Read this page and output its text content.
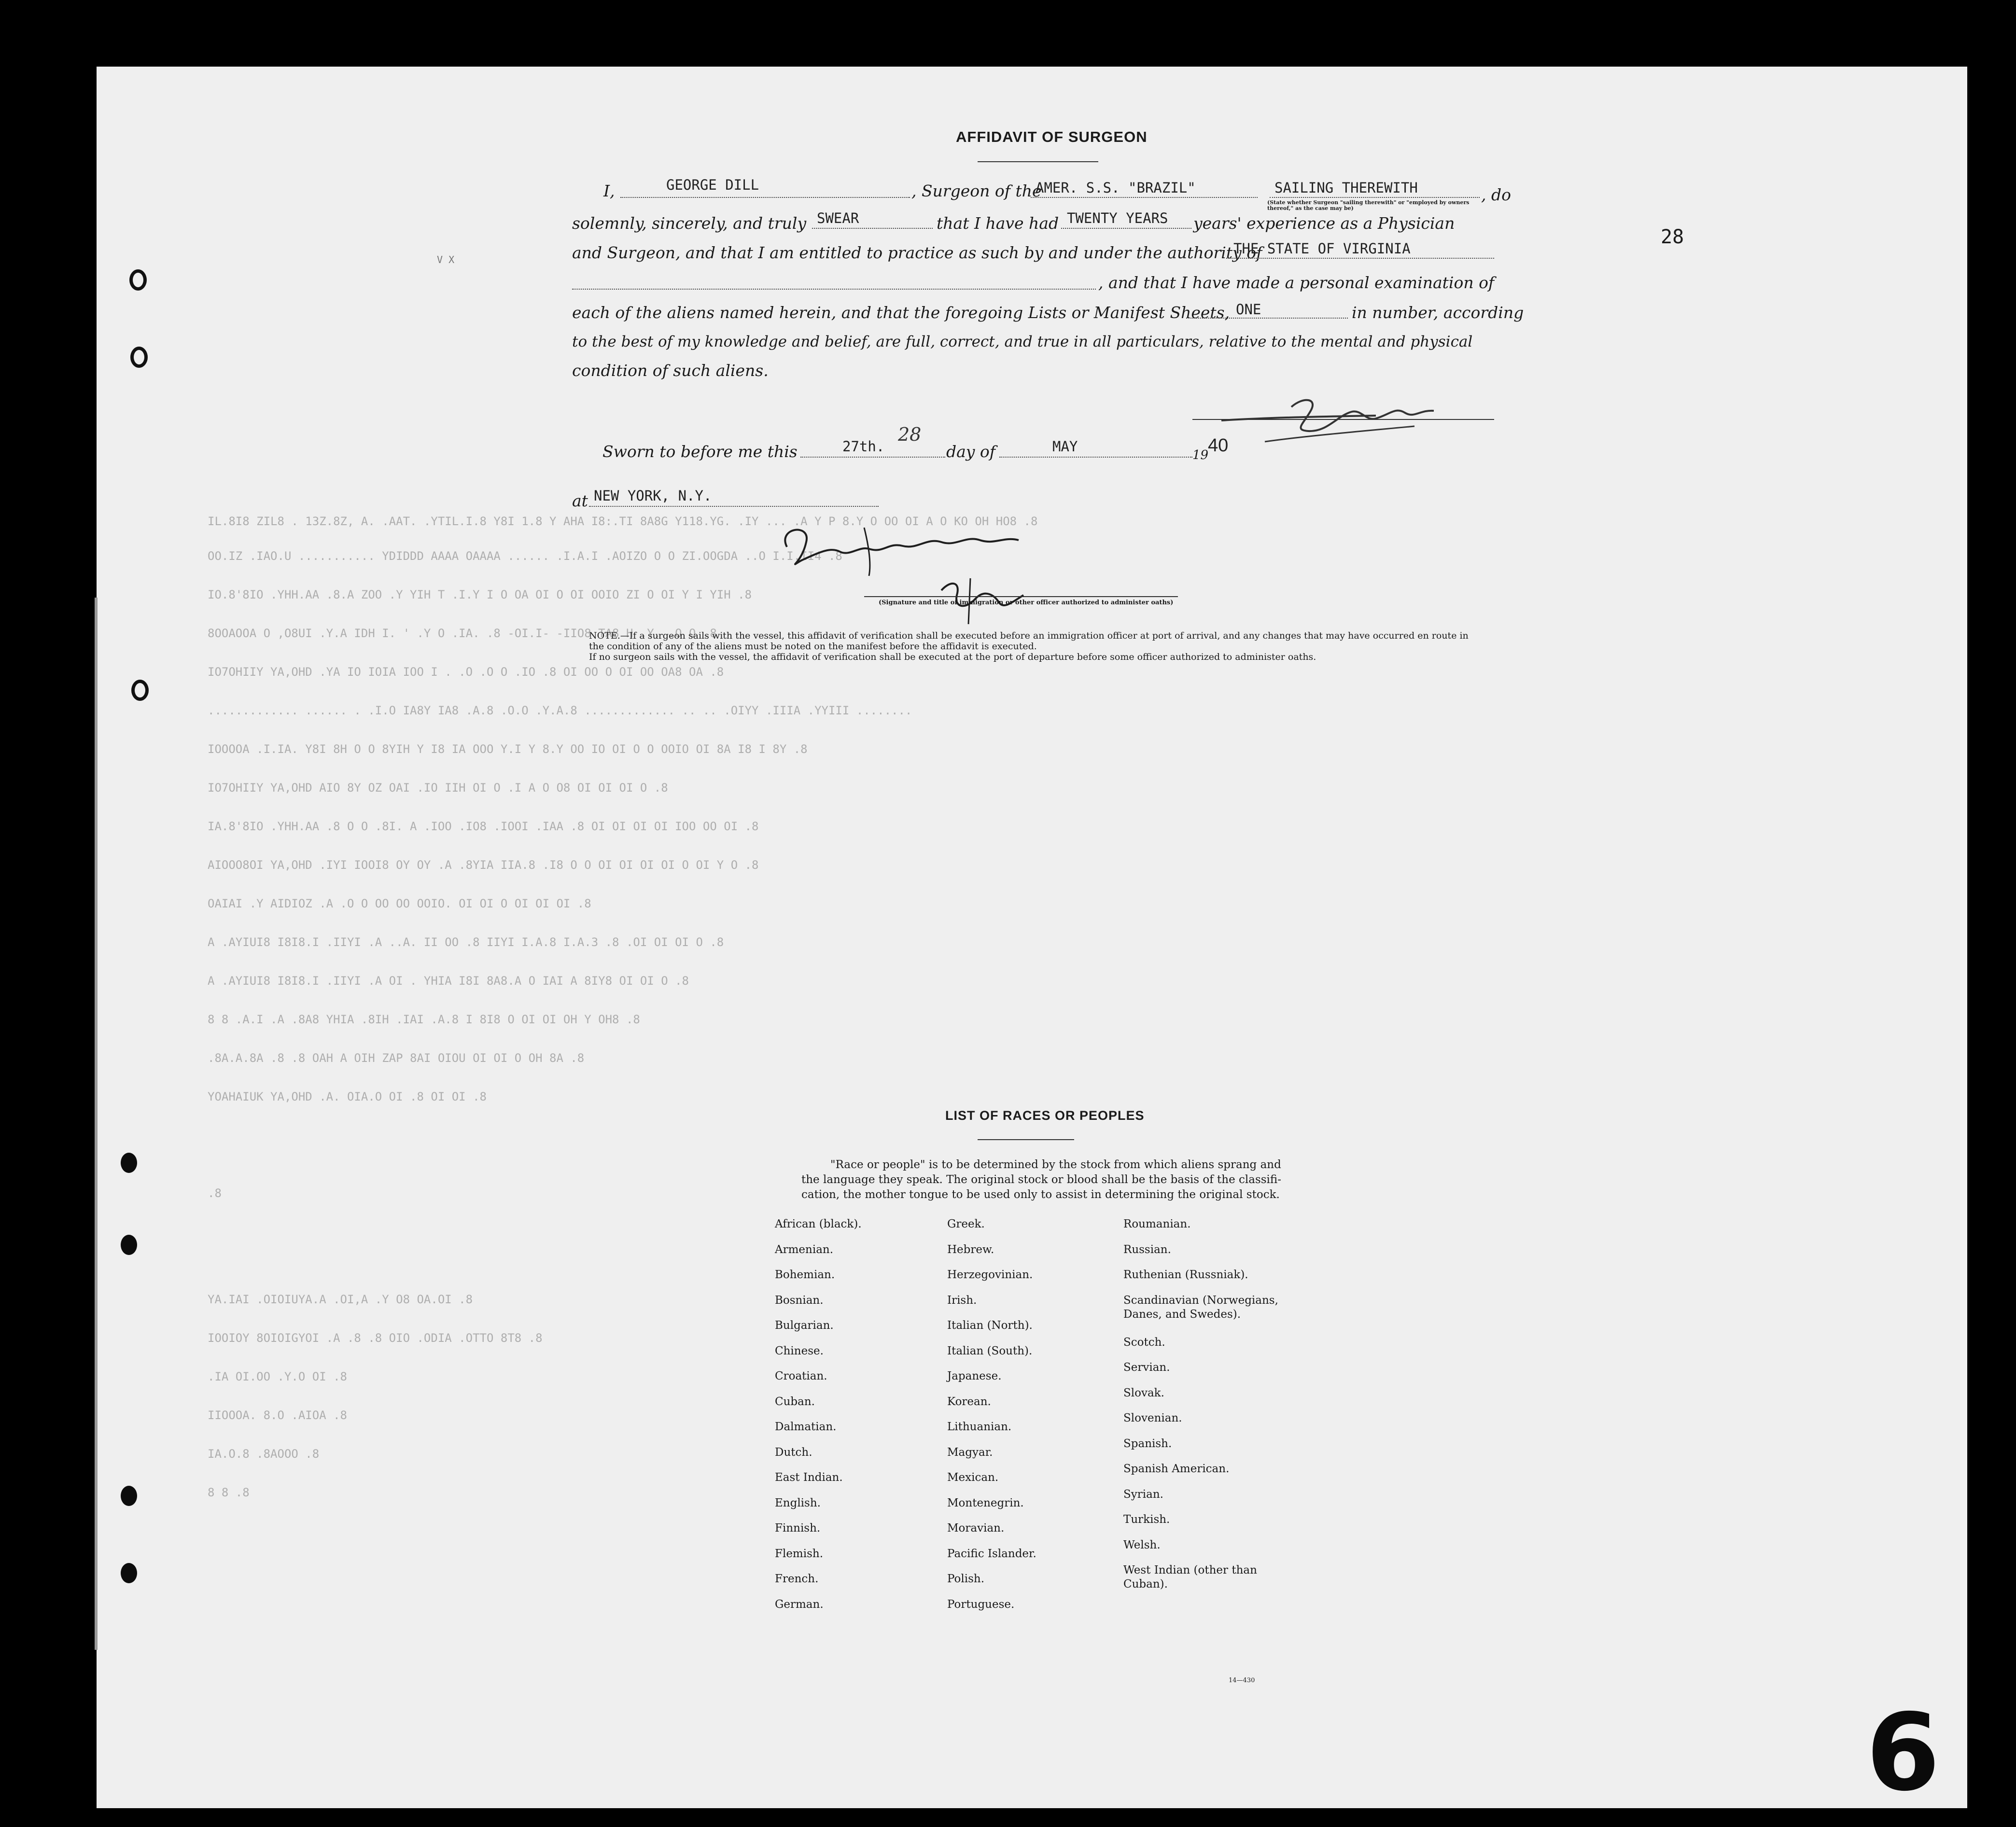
IL.8I8 ZIL8 . 13Z.8Z, A. .AAT. .YTIL.I.8 Y8I 1.8 Y AHA I8:.TI 8A8G Y118.YG. .IY ... .A Y P 8.Y O OO OI A O KO OH HO8 .8
OO.IZ .IAO.U ........... YDIDDD AAAA OAAAA ...... .I.A.I .AOIZO O O ZI.OOGDA ..O I.I.II4 .8
IO.8'8IO .YHH.AA .8.A ZOO .Y YIH T .I.Y I O OA OI O OI OOIO ZI O OI Y I YIH .8
8OOAOOA O ,O8UI .Y.A IDH I. ' .Y O .IA. .8 -OI.I- -IIO8 TA8 H .Y. .O O .8
IO7OHIIY YA,OHD .YA IO IOIA IOO I . .O .O O .IO .8 OI OO O OI OO OA8 OA .8
............. ...... . .I.O IA8Y IA8 .A.8 .O.O .Y.A.8 ............. .. .. .OIYY .IIIA .YYIII ........
IOOOOA .I.IA. Y8I 8H O O 8YIH Y I8 IA OOO Y.I Y 8.Y OO IO OI O O OOIO OI 8A I8 I 8Y .8
IO7OHIIY YA,OHD AIO 8Y OZ OAI .IO IIH OI O .I A O O8 OI OI OI O .8
IA.8'8IO .YHH.AA .8 O O .8I. A .IOO .IO8 .IOOI .IAA .8 OI OI OI OI IOO OO OI .8
AIOOO8OI YA,OHD .IYI IOOI8 OY OY .A .8YIA IIA.8 .I8 O O OI OI OI OI O OI Y O .8
OAIAI .Y AIDIOZ .A .O O OO OO OOIO. OI OI O OI OI OI .8
A .AYIUI8 I8I8.I .IIYI .A ..A. II OO .8 IIYI I.A.8 I.A.3 .8 .OI OI OI O .8
A .AYIUI8 I8I8.I .IIYI .A OI . YHIA I8I 8A8.A O IAI A 8IY8 OI OI O .8
8 8 .A.I .A .8A8 YHIA .8IH .IAI .A.8 I 8I8 O OI OI OH Y OH8 .8
.8A.A.8A .8 .8 OAH A OIH ZAP 8AI OIOU OI OI O OH 8A .8
YOAHAIUK YA,OHD .A. OIA.O OI .8 OI OI .8
.8
YA.IAI .OIOIUYA.A .OI,A .Y O8 OA.OI .8
IOOIOY 8OIOIGYOI .A .8 .8 OIO .ODIA .OTTO 8T8 .8
.IA OI.OO .Y.O OI .8
IIOOOA. 8.O .AIOA .8
IA.O.8 .8AOOO .8
8 8 .8
V X
28
AFFIDAVIT OF SURGEON
I,	GEORGE DILL	, Surgeon of the
AMER. S.S. "BRAZIL"	SAILING THEREWITH
(State whether Surgeon "sailing therewith" or "employed by owners thereof," as the case may be)
, do
solemnly, sincerely, and truly SWEAR	that I have had TWENTY YEARS years' experience as a Physician
and Surgeon, and that I am entitled to practice as such by and under the authority of
THE STATE OF VIRGINIA
, and that I have made a personal examination of
each of the aliens named herein, and that the foregoing Lists or Manifest Sheets, ONE	in number, according
to the best of my knowledge and belief, are full, correct, and true in all particulars, relative to the mental and physical
condition of such aliens.
Sworn to before me this	27th.
28
day of	MAY
19
40
at NEW YORK, N.Y.
(Signature and title of immigration or other officer authorized to administer oaths)
NOTE.—If a surgeon sails with the vessel, this affidavit of verification shall be executed before an immigration officer at port of arrival, and any changes that may have occurred en route in
the condition of any of the aliens must be noted on the manifest before the affidavit is executed.
If no surgeon sails with the vessel, the affidavit of verification shall be executed at the port of departure before some officer authorized to administer oaths.
LIST OF RACES OR PEOPLES
"Race or people" is to be determined by the stock from which aliens sprang and
the language they speak. The original stock or blood shall be the basis of the classifi-
cation, the mother tongue to be used only to assist in determining the original stock.
African (black).
Armenian.
Bohemian.
Bosnian.
Bulgarian.
Chinese.
Croatian.
Cuban.
Dalmatian.
Dutch.
East Indian.
English.
Finnish.
Flemish.
French.
German.
Greek.
Hebrew.
Herzegovinian.
Irish.
Italian (North).
Italian (South).
Japanese.
Korean.
Lithuanian.
Magyar.
Mexican.
Montenegrin.
Moravian.
Pacific Islander.
Polish.
Portuguese.
Roumanian.
Russian.
Ruthenian (Russniak).
Scandinavian (Norwegians,
Danes, and Swedes).
Scotch.
Servian.
Slovak.
Slovenian.
Spanish.
Spanish American.
Syrian.
Turkish.
Welsh.
West Indian (other than
Cuban).
14—430
9
